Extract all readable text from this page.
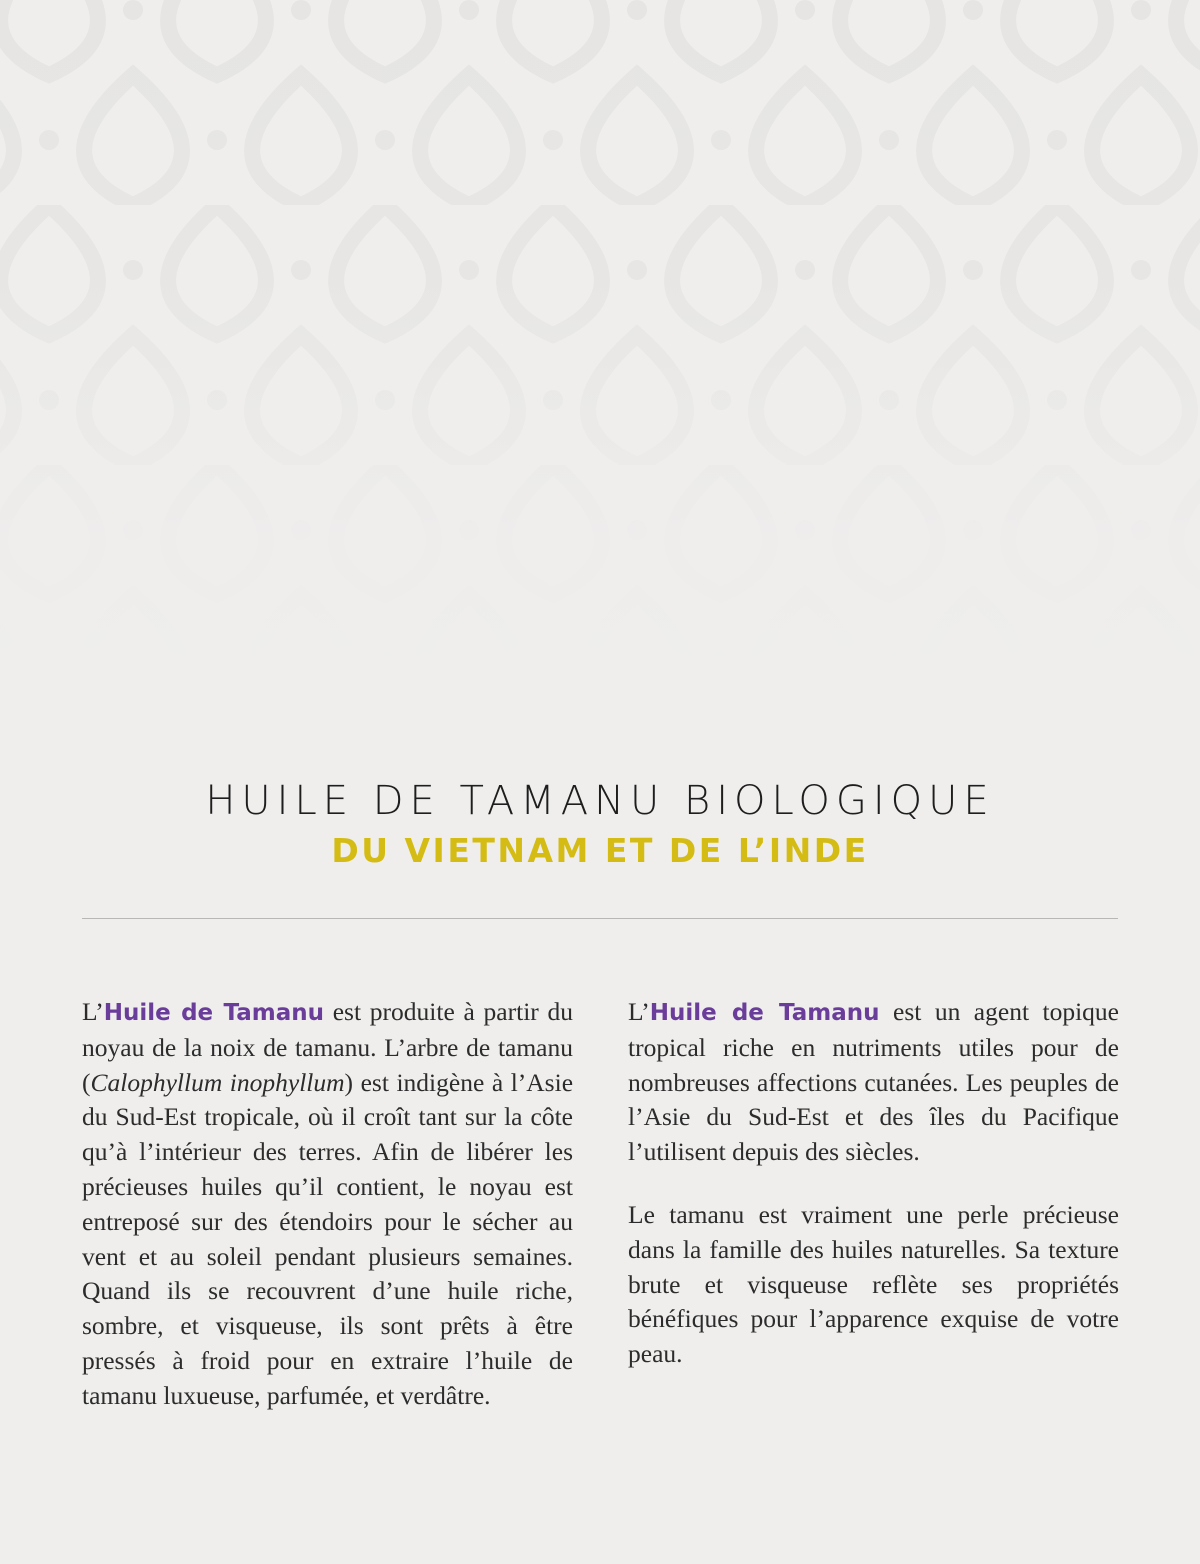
HUILE DE TAMANU BIOLOGIQUE
DU VIETNAM ET DE L’INDE

L’Huile de Tamanu est produite à partir du noyau de la noix de tamanu. L’arbre de tamanu (Calophyllum inophyllum) est indigène à l’Asie du Sud-Est tropicale, où il croît tant sur la côte qu’à l’intérieur des terres. Afin de libérer les précieuses huiles qu’il contient, le noyau est entreposé sur des étendoirs pour le sécher au vent et au soleil pendant plusieurs semaines. Quand ils se recouvrent d’une huile riche, sombre, et visqueuse, ils sont prêts à être pressés à froid pour en extraire l’huile de tamanu luxueuse, parfumée, et verdâtre.

L’Huile de Tamanu est un agent topique tropical riche en nutriments utiles pour de nombreuses affections cutanées. Les peuples de l’Asie du Sud-Est et des îles du Pacifique l’utilisent depuis des siècles.

Le tamanu est vraiment une perle précieuse dans la famille des huiles naturelles. Sa texture brute et visqueuse reflète ses propriétés bénéfiques pour l’apparence exquise de votre peau.
